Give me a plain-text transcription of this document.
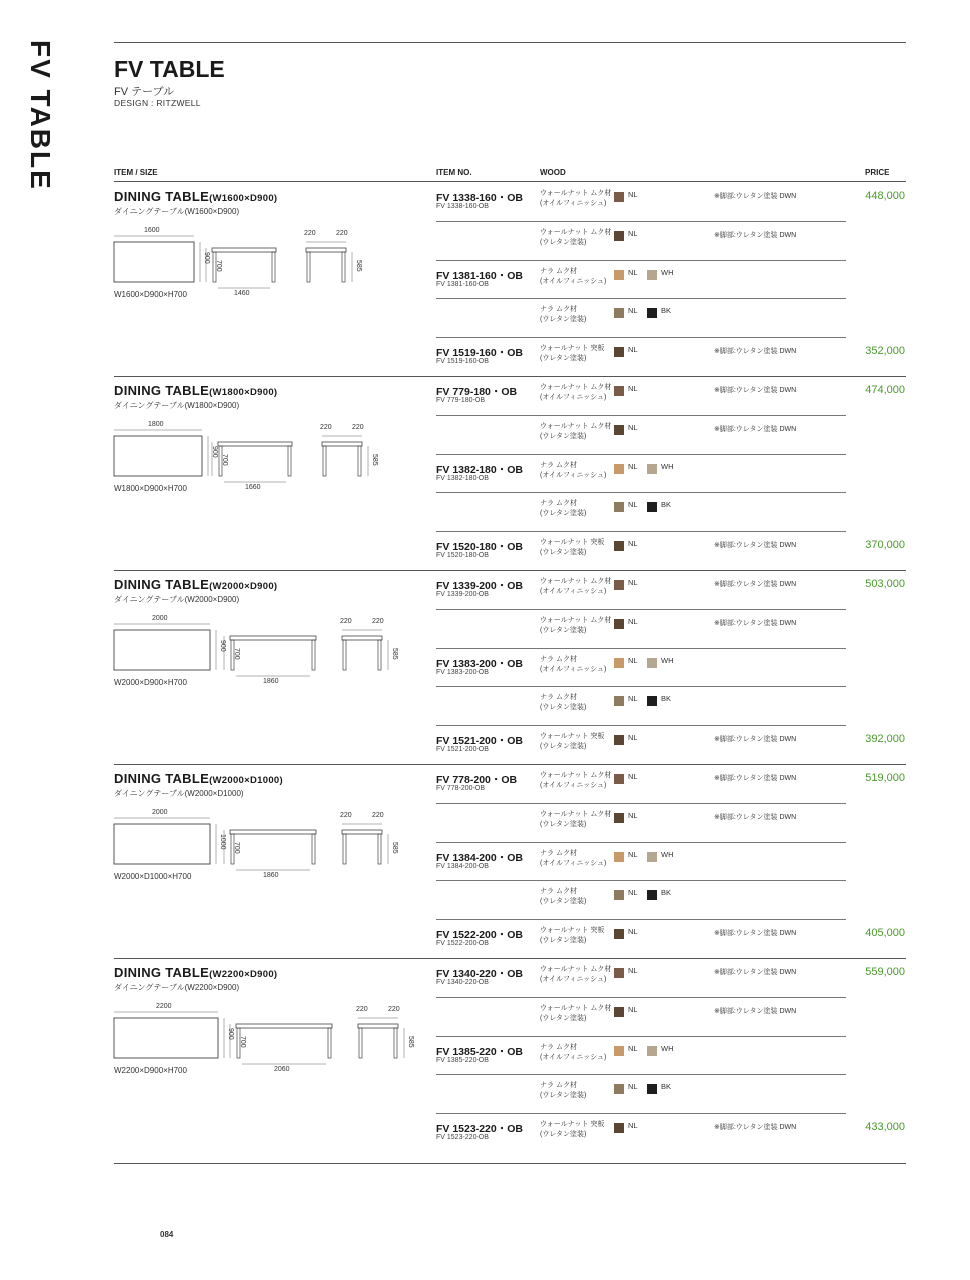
FV TABLE	FV TABLE
FV テーブル
DESIGN : RITZWELL
ITEM / SIZE	ITEM NO.	WOOD	PRICE
DINING TABLE(W1600×D900)
ダイニングテーブル(W1600×D900)
1600
900
1460
700
220	220
585
W1600×D900×H700
FV 1338-160・OB
FV 1338-160-OB
ウォールナット ムク材
(オイルフィニッシュ)
NL	※脚部:ウレタン塗装 DWN	448,000
ウォールナット ムク材
(ウレタン塗装)
NL	※脚部:ウレタン塗装 DWN
FV 1381-160・OB
FV 1381-160-OB
ナラ ムク材
(オイルフィニッシュ)
NL	WH
ナラ ムク材
(ウレタン塗装)
NL	BK
FV 1519-160・OB
FV 1519-160-OB
ウォールナット 突板
(ウレタン塗装)
NL	※脚部:ウレタン塗装 DWN	352,000
DINING TABLE(W1800×D900)
ダイニングテーブル(W1800×D900)
1800
900
1660
700
220	220
585
W1800×D900×H700
FV 779-180・OB
FV 779-180-OB
ウォールナット ムク材
(オイルフィニッシュ)
NL	※脚部:ウレタン塗装 DWN	474,000
ウォールナット ムク材
(ウレタン塗装)
NL	※脚部:ウレタン塗装 DWN
FV 1382-180・OB
FV 1382-180-OB
ナラ ムク材
(オイルフィニッシュ)
NL	WH
ナラ ムク材
(ウレタン塗装)
NL	BK
FV 1520-180・OB
FV 1520-180-OB
ウォールナット 突板
(ウレタン塗装)
NL	※脚部:ウレタン塗装 DWN	370,000
DINING TABLE(W2000×D900)
ダイニングテーブル(W2000×D900)
2000
900
1860
700
220	220
585
W2000×D900×H700
FV 1339-200・OB
FV 1339-200-OB
ウォールナット ムク材
(オイルフィニッシュ)
NL	※脚部:ウレタン塗装 DWN	503,000
ウォールナット ムク材
(ウレタン塗装)
NL	※脚部:ウレタン塗装 DWN
FV 1383-200・OB
FV 1383-200-OB
ナラ ムク材
(オイルフィニッシュ)
NL	WH
ナラ ムク材
(ウレタン塗装)
NL	BK
FV 1521-200・OB
FV 1521-200-OB
ウォールナット 突板
(ウレタン塗装)
NL	※脚部:ウレタン塗装 DWN	392,000
DINING TABLE(W2000×D1000)
ダイニングテーブル(W2000×D1000)
2000
1000
1860
700
220	220
585
W2000×D1000×H700
FV 778-200・OB
FV 778-200-OB
ウォールナット ムク材
(オイルフィニッシュ)
NL	※脚部:ウレタン塗装 DWN	519,000
ウォールナット ムク材
(ウレタン塗装)
NL	※脚部:ウレタン塗装 DWN
FV 1384-200・OB
FV 1384-200-OB
ナラ ムク材
(オイルフィニッシュ)
NL	WH
ナラ ムク材
(ウレタン塗装)
NL	BK
FV 1522-200・OB
FV 1522-200-OB
ウォールナット 突板
(ウレタン塗装)
NL	※脚部:ウレタン塗装 DWN	405,000
DINING TABLE(W2200×D900)
ダイニングテーブル(W2200×D900)
2200
900
2060
700
220	220
585
W2200×D900×H700
FV 1340-220・OB
FV 1340-220-OB
ウォールナット ムク材
(オイルフィニッシュ)
NL	※脚部:ウレタン塗装 DWN	559,000
ウォールナット ムク材
(ウレタン塗装)
NL	※脚部:ウレタン塗装 DWN
FV 1385-220・OB
FV 1385-220-OB
ナラ ムク材
(オイルフィニッシュ)
NL	WH
ナラ ムク材
(ウレタン塗装)
NL	BK
FV 1523-220・OB
FV 1523-220-OB
ウォールナット 突板
(ウレタン塗装)
NL	※脚部:ウレタン塗装 DWN	433,000
084
